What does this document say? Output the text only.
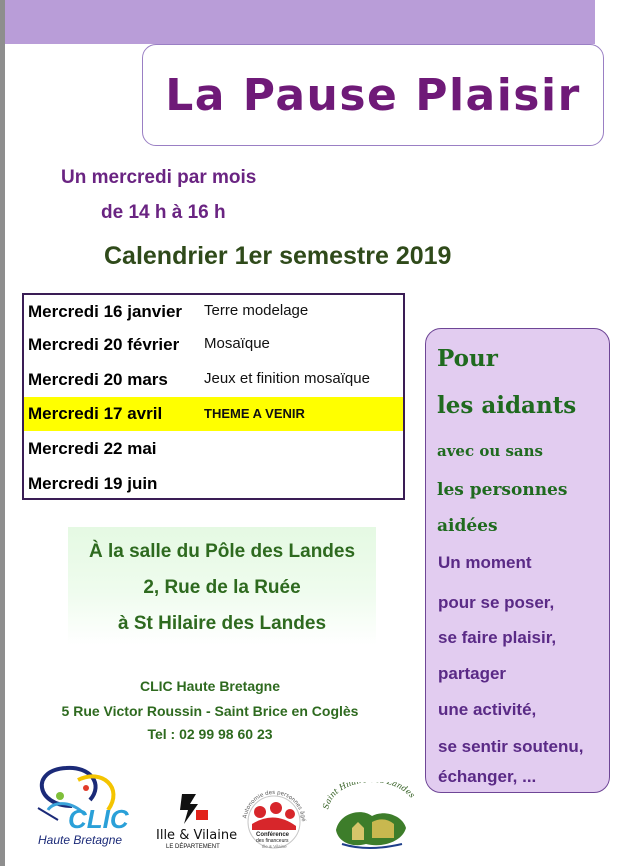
La Pause Plaisir
Un mercredi par mois
de 14 h à 16 h
Calendrier 1er semestre 2019
Mercredi 16 janvier Terre modelage
Mercredi 20 février Mosaïque
Mercredi 20 mars Jeux et finition mosaïque
Mercredi 17 avril	THEME A VENIR
Mercredi 22 mai
Mercredi 19 juin
À la salle du Pôle des Landes
2, Rue de la Ruée
à St Hilaire des Landes
CLIC Haute Bretagne
5 Rue Victor Roussin - Saint Brice en Coglès
Tel : 02 99 98 60 23
Pour
les aidants
avec ou sans
les personnes
aidées
Un moment
pour se poser,
se faire plaisir,
partager
une activité,
se sentir soutenu,
échanger, ...
CLIC
Haute Bretagne	Ille & Vilaine
LE DÉPARTEMENT
Autonomie des personnes âgé
Conférence
des financeurs
Ille & Vilaine
Saint Hila andes
